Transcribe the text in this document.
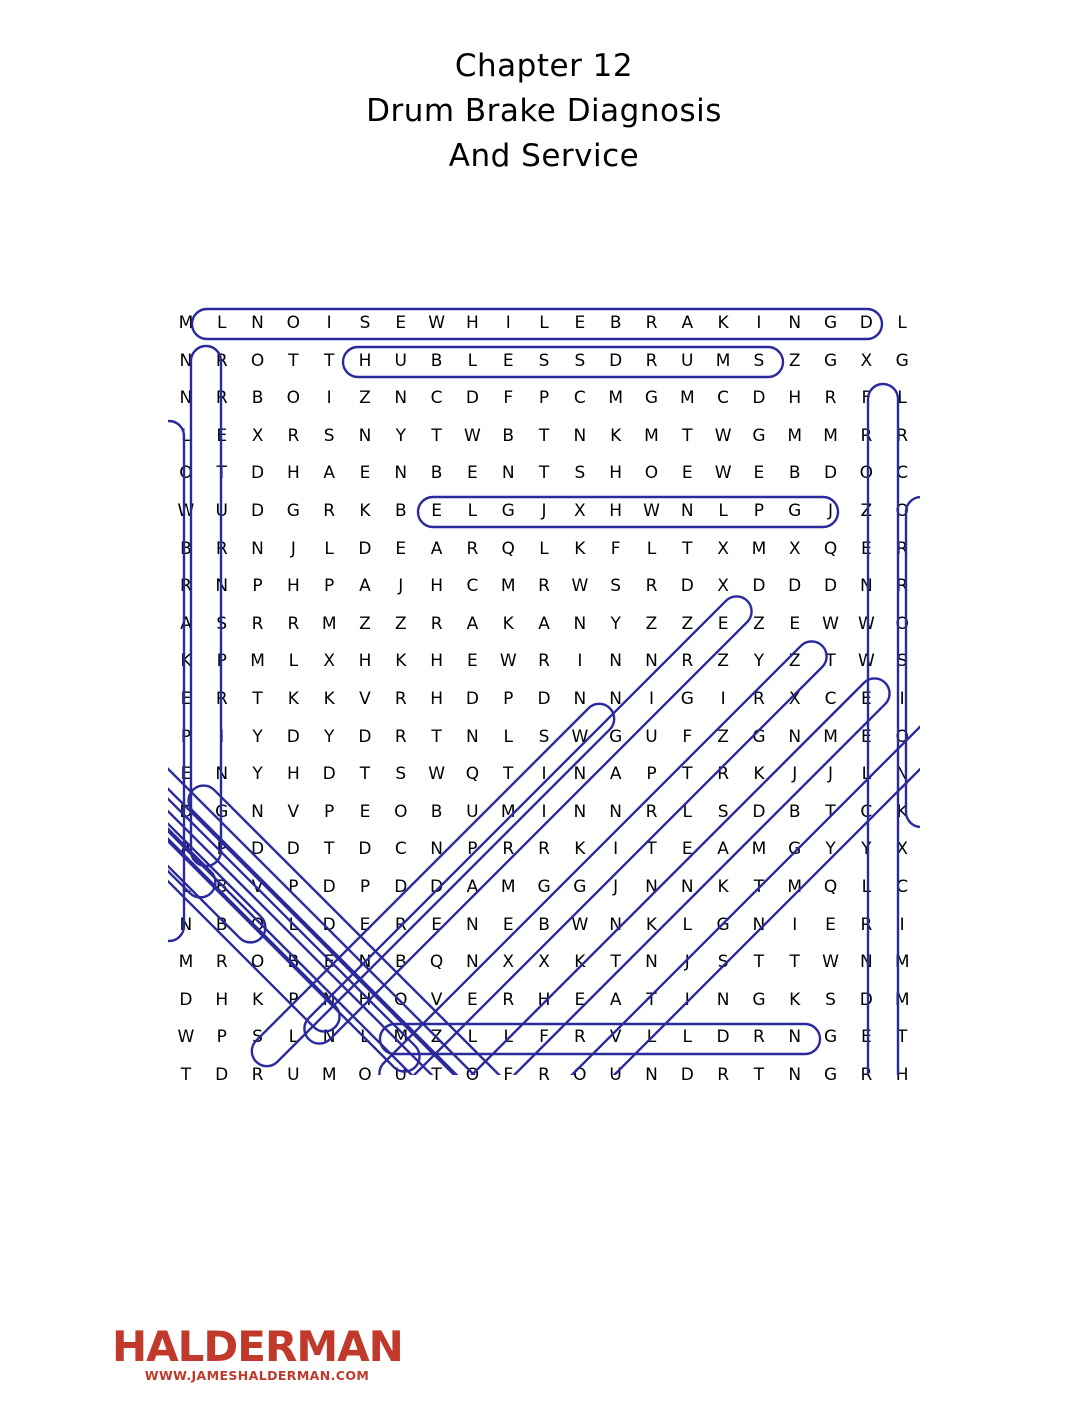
Chapter 12
Drum Brake Diagnosis
And Service
M	L	N	O	I	S	E	W	H	I	L	E	B	R	A	K	I	N	G	D	L
N	R	O	T	T	H	U	B	L	E	S	S	D	R	U	M	S	Z	G	X	G
N	R	B	O	I	Z	N	C	D	F	P	C	M	G	M	C	D	H	R	F	L
L	E	X	R	S	N	Y	T	W	B	T	N	K	M	T	W	G	M	M	R	R
O	T	D	H	A	E	N	B	E	N	T	S	H	O	E	W	E	B	D	O	C
W	U	D	G	R	K	B	E	L	G	J	X	H	W	N	L	P	G	J	Z	O
B	R	N	J	L	D	E	A	R	Q	L	K	F	L	T	X	M	X	Q	E	R
R	N	P	H	P	A	J	H	C	M	R	W	S	R	D	X	D	D	D	N	R
A	S	R	R	M	Z	Z	R	A	K	A	N	Y	Z	Z	E	Z	E	W	W	O
K	P	M	L	X	H	K	H	E	W	R	I	N	N	R	Z	Y	Z	T	W	S
E	R	T	K	K	V	R	H	D	P	D	N	N	I	G	I	R	X	C	E	I
P	I	Y	D	Y	D	R	T	N	L	S	W	G	U	F	Z	G	N	M	E	O
E	N	Y	H	D	T	S	W	Q	T	I	N	A	P	T	R	K	J	J	L	N
D	G	N	V	P	E	O	B	U	M	I	N	N	R	L	S	D	B	T	C	K
A	P	D	D	T	D	C	N	P	R	R	K	I	T	E	A	M	G	Y	Y	X
L	B	V	P	D	P	D	D	A	M	G	G	J	N	N	K	T	M	Q	L	C
N	B	O	L	D	E	R	E	N	E	B	W	N	K	L	G	N	I	E	R	I
M	R	O	B	E	N	B	Q	N	X	X	K	T	N	J	S	T	T	W	N	M
D	H	K	P	N	H	O	V	E	R	H	E	A	T	I	N	G	K	S	D	M
W	P	S	L	N	L	M	Z	L	L	F	R	V	L	L	D	R	N	G	E	T
T	D	R	U	M	O	U	T	O	F	R	O	U	N	D	R	T	N	G	R	H
HALDERMAN
WWW.JAMESHALDERMAN.COM
